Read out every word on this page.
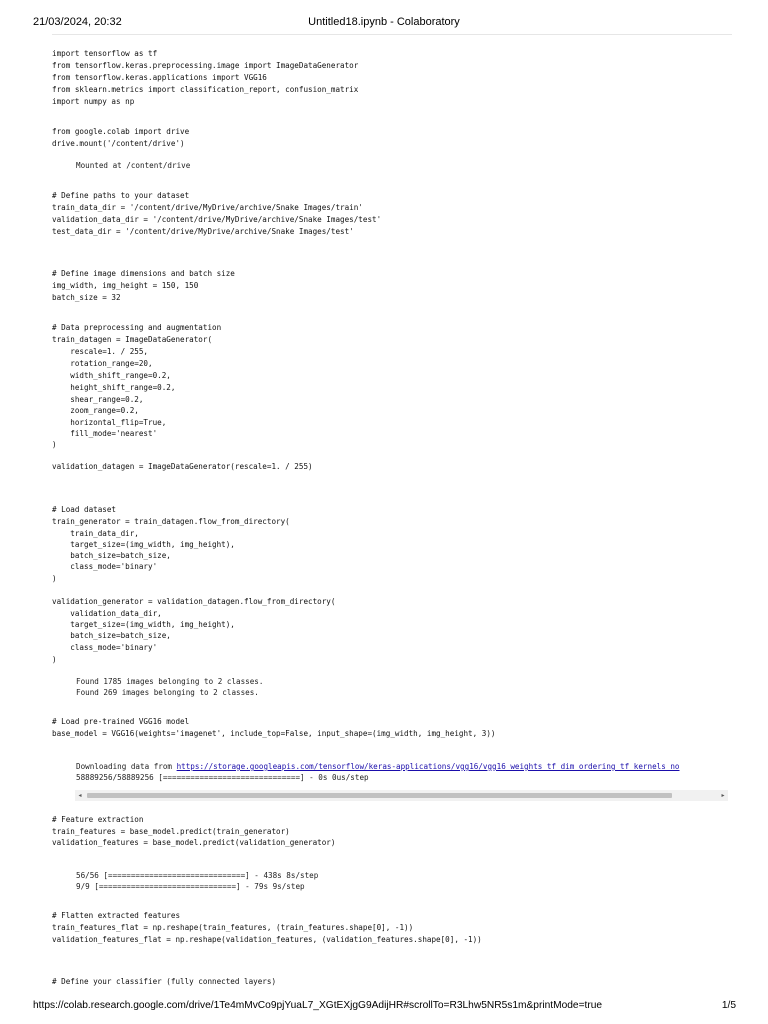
21/03/2024, 20:32	Untitled18.ipynb - Colaboratory
import tensorflow as tf
from tensorflow.keras.preprocessing.image import ImageDataGenerator
from tensorflow.keras.applications import VGG16
from sklearn.metrics import classification_report, confusion_matrix
import numpy as np
from google.colab import drive
drive.mount('/content/drive')
Mounted at /content/drive
# Define paths to your dataset
train_data_dir = '/content/drive/MyDrive/archive/Snake Images/train'
validation_data_dir = '/content/drive/MyDrive/archive/Snake Images/test'
test_data_dir = '/content/drive/MyDrive/archive/Snake Images/test'
# Define image dimensions and batch size
img_width, img_height = 150, 150
batch_size = 32
# Data preprocessing and augmentation
train_datagen = ImageDataGenerator(
rescale=1. / 255,
rotation_range=20,
width_shift_range=0.2,
height_shift_range=0.2,
shear_range=0.2,
zoom_range=0.2,
horizontal_flip=True,
fill_mode='nearest'
)
validation_datagen = ImageDataGenerator(rescale=1. / 255)
# Load dataset
train_generator = train_datagen.flow_from_directory(
train_data_dir,
target_size=(img_width, img_height),
batch_size=batch_size,
class_mode='binary'
)
validation_generator = validation_datagen.flow_from_directory(
validation_data_dir,
target_size=(img_width, img_height),
batch_size=batch_size,
class_mode='binary'
)
Found 1785 images belonging to 2 classes.
Found 269 images belonging to 2 classes.
# Load pre-trained VGG16 model
base_model = VGG16(weights='imagenet', include_top=False, input_shape=(img_width, img_height, 3))
Downloading data from https://storage.googleapis.com/tensorflow/keras-applications/vgg16/vgg16_weights_tf_dim_ordering_tf_kernels_no
58889256/58889256 [==============================] - 0s 0us/step
◂	▸
# Feature extraction
train_features = base_model.predict(train_generator)
validation_features = base_model.predict(validation_generator)
56/56 [==============================] - 438s 8s/step
9/9 [==============================] - 79s 9s/step
# Flatten extracted features
train_features_flat = np.reshape(train_features, (train_features.shape[0], -1))
validation_features_flat = np.reshape(validation_features, (validation_features.shape[0], -1))
# Define your classifier (fully connected layers)
https://colab.research.google.com/drive/1Te4mMvCo9pjYuaL7_XGtEXjgG9AdijHR#scrollTo=R3Lhw5NR5s1m&printMode=true	1/5
